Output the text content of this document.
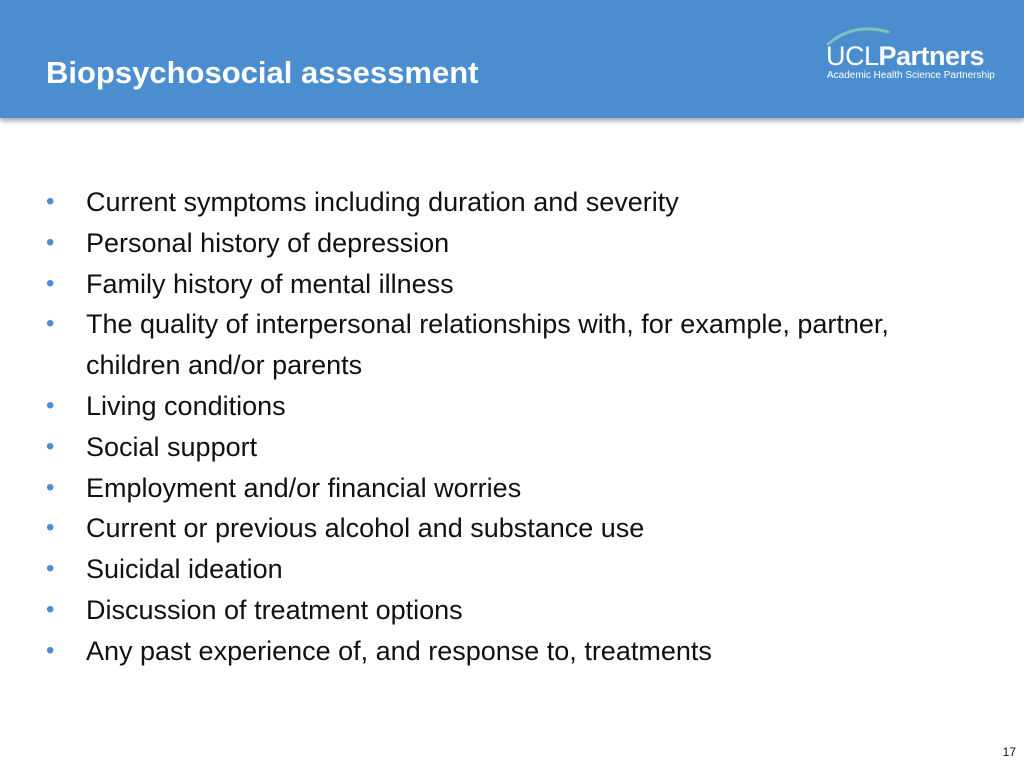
Biopsychosocial assessment	UCLPartners
Academic Health Science Partnership
• Current symptoms including duration and severity
• Personal history of depression
• Family history of mental illness
• The quality of interpersonal relationships with, for example, partner, children and/or parents
• Living conditions
• Social support
• Employment and/or financial worries
• Current or previous alcohol and substance use
• Suicidal ideation
• Discussion of treatment options
• Any past experience of, and response to, treatments
17
